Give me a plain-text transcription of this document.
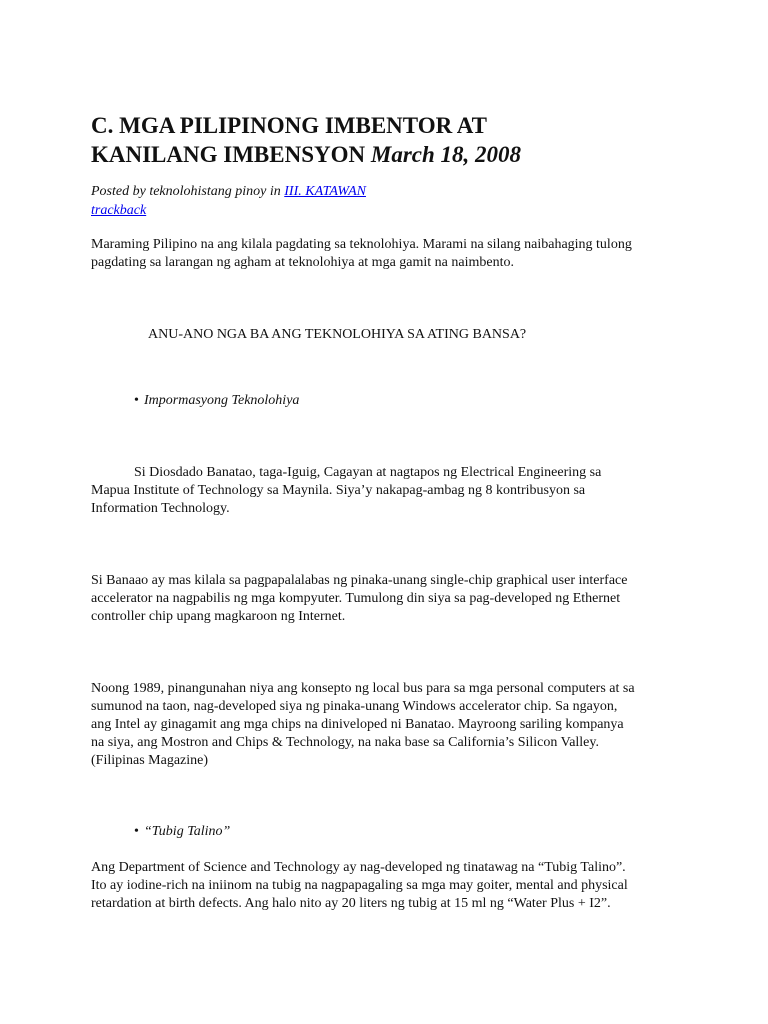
C. MGA PILIPINONG IMBENTOR AT
KANILANG IMBENSYON March 18, 2008
Posted by teknolohistang pinoy in III. KATAWAN
trackback

Maraming Pilipino na ang kilala pagdating sa teknolohiya. Marami na silang naibahaging tulong
pagdating sa larangan ng agham at teknolohiya at mga gamit na naimbento.

ANU-ANO NGA BA ANG TEKNOLOHIYA SA ATING BANSA?
• Impormasyong Teknolohiya

Si Diosdado Banatao, taga-Iguig, Cagayan at nagtapos ng Electrical Engineering sa
Mapua Institute of Technology sa Maynila. Siya’y nakapag-ambag ng 8 kontribusyon sa
Information Technology.

Si Banaao ay mas kilala sa pagpapalalabas ng pinaka-unang single-chip graphical user interface
accelerator na nagpabilis ng mga kompyuter. Tumulong din siya sa pag-developed ng Ethernet
controller chip upang magkaroon ng Internet.

Noong 1989, pinangunahan niya ang konsepto ng local bus para sa mga personal computers at sa
sumunod na taon, nag-developed siya ng pinaka-unang Windows accelerator chip. Sa ngayon,
ang Intel ay ginagamit ang mga chips na diniveloped ni Banatao. Mayroong sariling kompanya
na siya, ang Mostron and Chips & Technology, na naka base sa California’s Silicon Valley.
(Filipinas Magazine)

• “Tubig Talino”

Ang Department of Science and Technology ay nag-developed ng tinatawag na “Tubig Talino”.
Ito ay iodine-rich na iniinom na tubig na nagpapagaling sa mga may goiter, mental and physical
retardation at birth defects. Ang halo nito ay 20 liters ng tubig at 15 ml ng “Water Plus + I2”.
